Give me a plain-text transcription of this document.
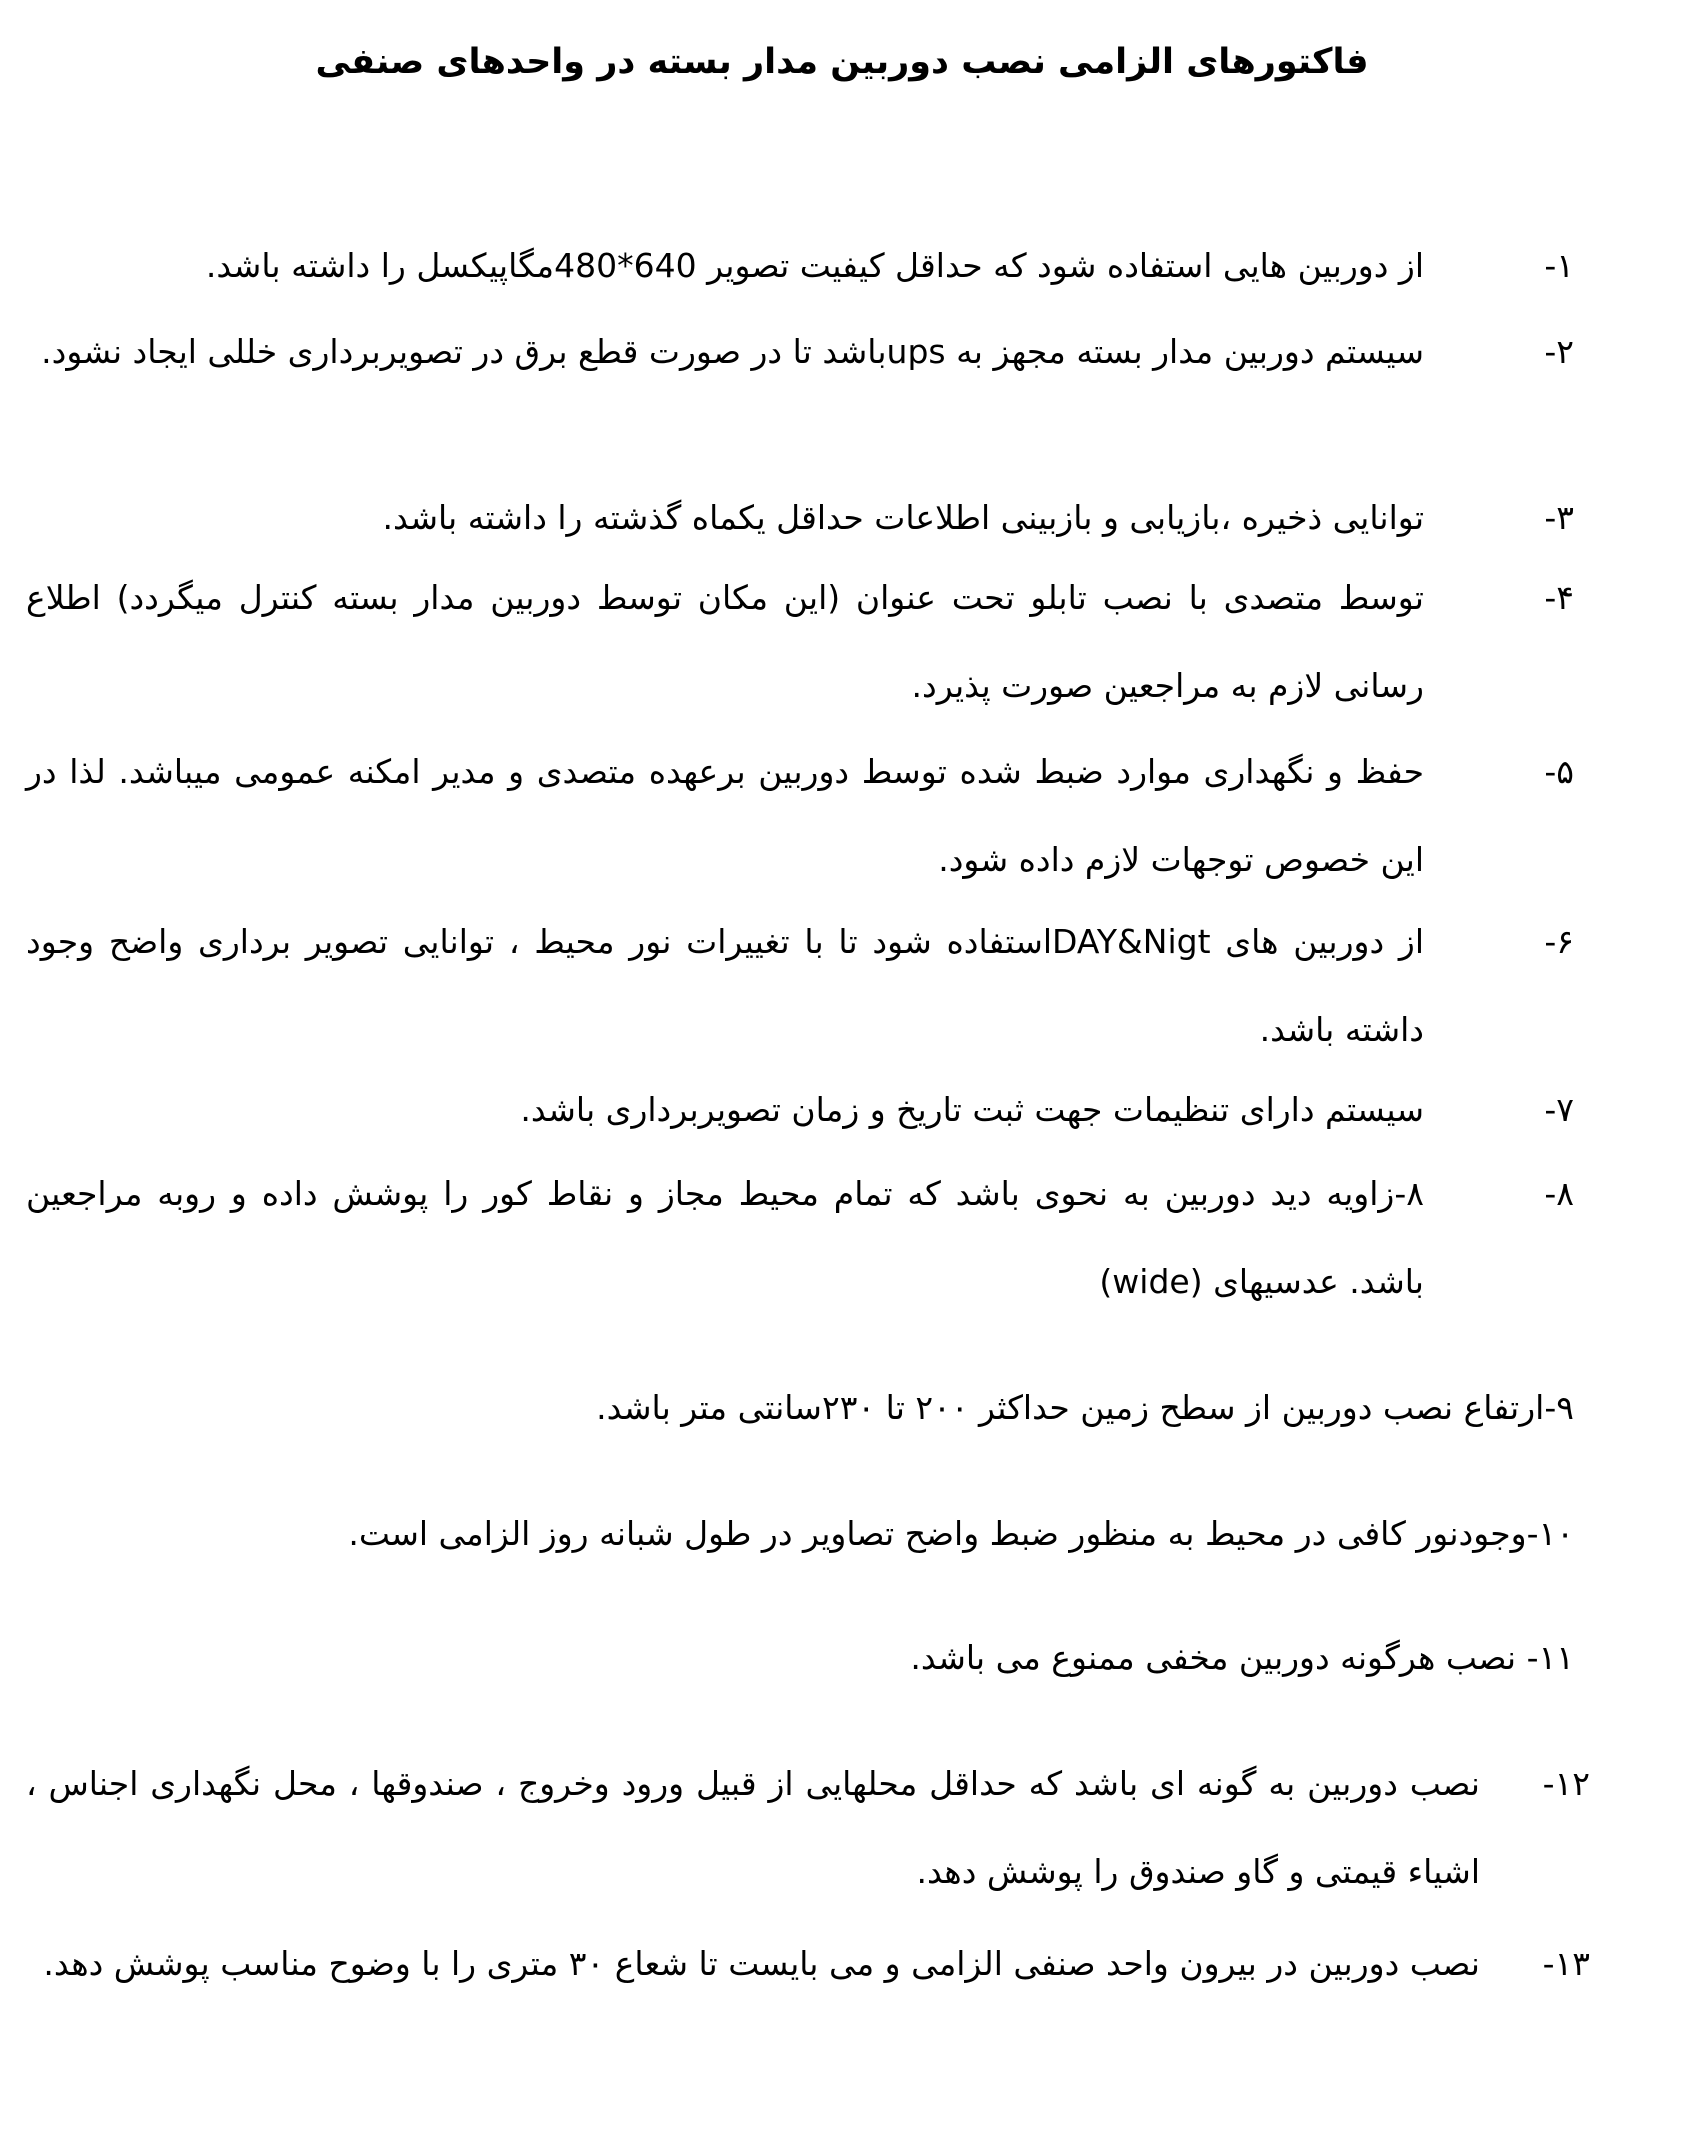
فاکتورهای الزامی نصب دوربین مدار بسته در واحدهای صنفی
۱-
از دوربین هایی استفاده شود که حداقل کیفیت تصویر 640*480مگاپیکسل را داشته باشد.
۲-
سیستم دوربین مدار بسته مجهز به upsباشد تا در صورت قطع برق در تصویربرداری خللی ایجاد نشود.
۳-
توانایی ذخیره ،بازیابی و بازبینی اطلاعات حداقل یکماه گذشته را داشته باشد.
۴-
توسط متصدی با نصب تابلو تحت عنوان (این مکان توسط دوربین مدار بسته کنترل میگردد) اطلاع رسانی لازم به مراجعین صورت پذیرد.
۵-
حفظ و نگهداری موارد ضبط شده توسط دوربین برعهده متصدی و مدیر امکنه عمومی میباشد. لذا در این خصوص توجهات لازم داده شود.
۶-
از دوربین های DAY&Nigtاستفاده شود تا با تغییرات نور محیط ، توانایی تصویر برداری واضح وجود داشته باشد.
۷-
سیستم دارای تنظیمات جهت ثبت تاریخ و زمان تصویربرداری باشد.
۸-
۸-زاویه دید دوربین به نحوی باشد که تمام محیط مجاز و نقاط کور را پوشش داده و روبه مراجعین باشد. عدسیهای (wide)
۹-ارتفاع نصب دوربین از سطح زمین حداکثر ۲۰۰ تا ۲۳۰سانتی متر باشد.
۱۰-وجودنور کافی در محیط به منظور ضبط واضح تصاویر در طول شبانه روز الزامی است.
۱۱- نصب هرگونه دوربین مخفی ممنوع می باشد.
۱۲-
نصب دوربین به گونه ای باشد که حداقل محلهایی از قبیل ورود وخروج ، صندوقها ، محل نگهداری اجناس ، اشیاء قیمتی و گاو صندوق را پوشش دهد.
۱۳-
نصب دوربین در بیرون واحد صنفی الزامی و می بایست تا شعاع ۳۰ متری را با وضوح مناسب پوشش دهد.
